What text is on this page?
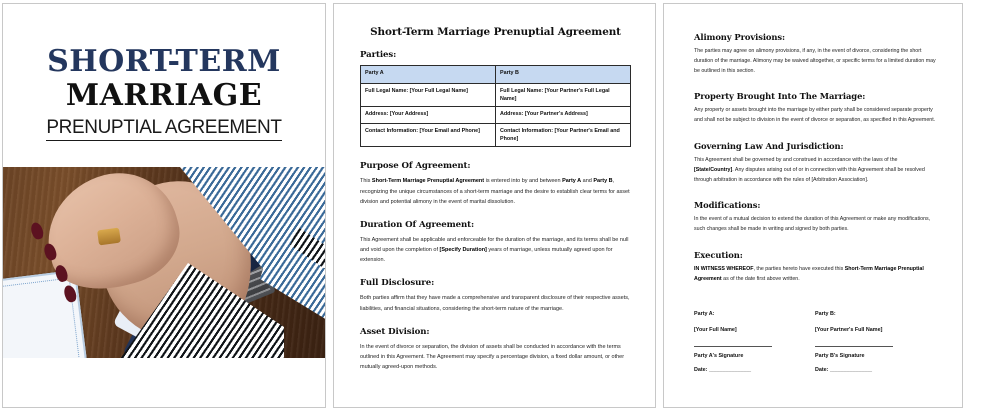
SHORT-TERM
MARRIAGE
PRENUPTIAL AGREEMENT
Short-Term Marriage Prenuptial Agreement
Parties:
Party A	Party B
Full Legal Name: [Your Full Legal Name]	Full Legal Name: [Your Partner's Full Legal Name]
Address: [Your Address]	Address: [Your Partner's Address]
Contact Information: [Your Email and Phone]	Contact Information: [Your Partner's Email and Phone]
Purpose Of Agreement:

This Short-Term Marriage Prenuptial Agreement is entered into by and between Party A and Party B, recognizing the unique circumstances of a short-term marriage and the desire to establish clear terms for asset division and potential alimony in the event of marital dissolution.

Duration Of Agreement:

This Agreement shall be applicable and enforceable for the duration of the marriage, and its terms shall be null and void upon the completion of [Specify Duration] years of marriage, unless mutually agreed upon for extension.

Full Disclosure:

Both parties affirm that they have made a comprehensive and transparent disclosure of their respective assets, liabilities, and financial situations, considering the short-term nature of the marriage.

Asset Division:

In the event of divorce or separation, the division of assets shall be conducted in accordance with the terms outlined in this Agreement. The Agreement may specify a percentage division, a fixed dollar amount, or other mutually agreed-upon methods.

Alimony Provisions:

The parties may agree on alimony provisions, if any, in the event of divorce, considering the short duration of the marriage. Alimony may be waived altogether, or specific terms for a limited duration may be outlined in this section.

Property Brought Into The Marriage:

Any property or assets brought into the marriage by either party shall be considered separate property and shall not be subject to division in the event of divorce or separation, as specified in this Agreement.

Governing Law And Jurisdiction:

This Agreement shall be governed by and construed in accordance with the laws of the [State/Country]. Any disputes arising out of or in connection with this Agreement shall be resolved through arbitration in accordance with the rules of [Arbitration Association].

Modifications:

In the event of a mutual decision to extend the duration of this Agreement or make any modifications, such changes shall be made in writing and signed by both parties.

Execution:

IN WITNESS WHEREOF, the parties hereto have executed this Short-Term Marriage Prenuptial Agreement as of the date first above written.

Party A:
[Your Full Name]
Party A's Signature
Date: ______________
Party B:
[Your Partner's Full Name]
Party B's Signature
Date: ______________
